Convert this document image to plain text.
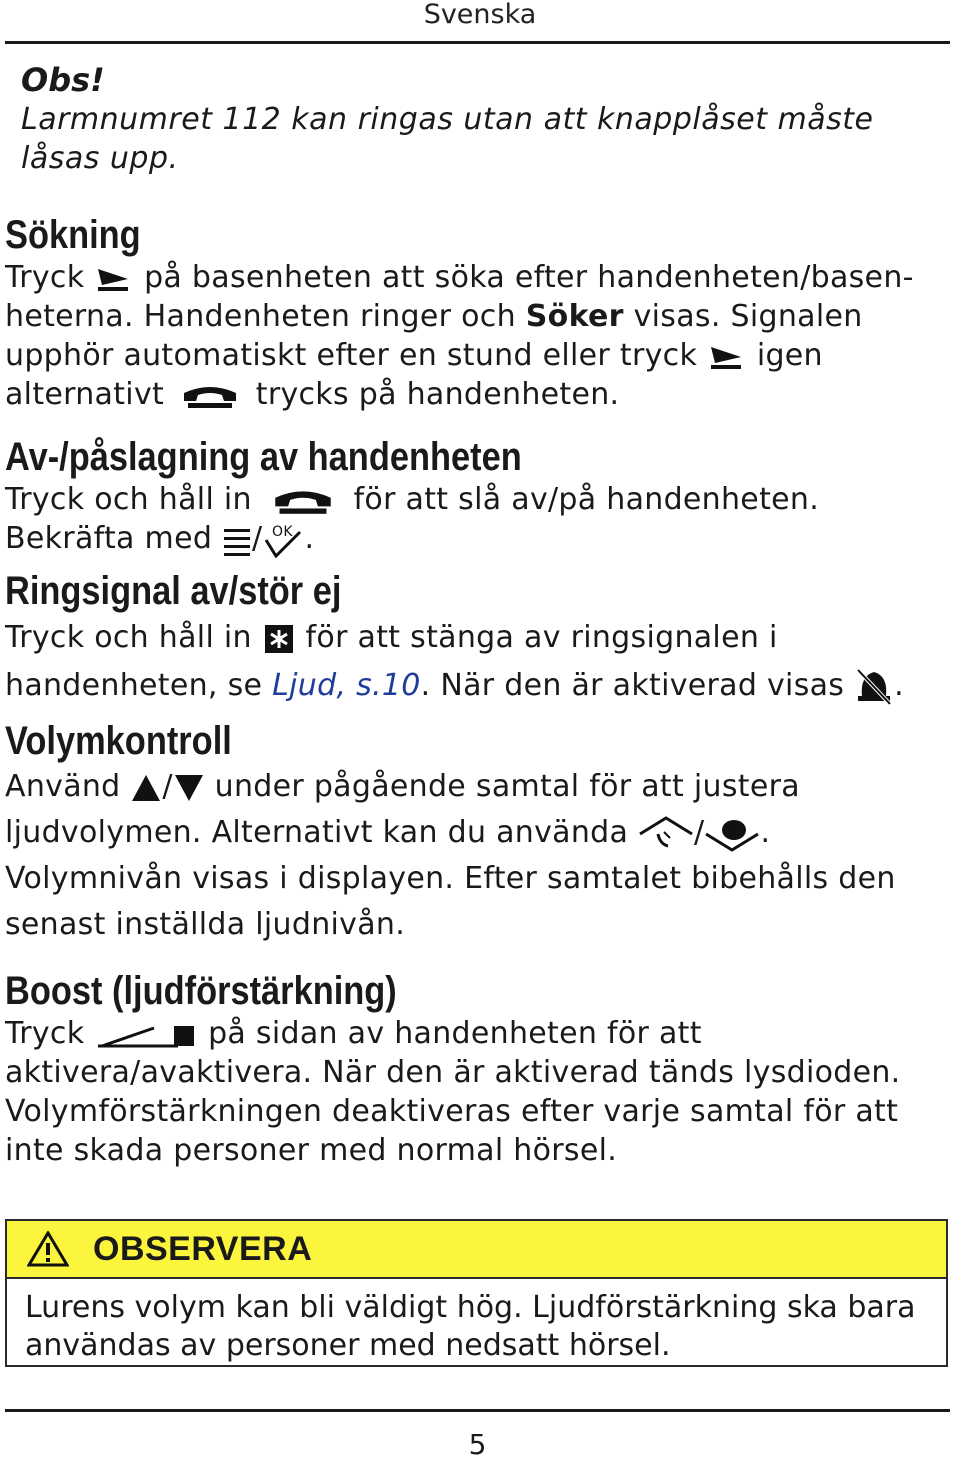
Svenska
Obs!
Larmnumret 112 kan ringas utan att knapplåset måste låsas upp.
Sökning
Tryck på basenheten att söka efter handenheten/basen-heterna. Handenheten ringer och Söker visas. Signalen upphör automatiskt efter en stund eller tryck igen alternativt	trycks på handenheten.
Av-/påslagning av handenheten
Tryck och håll in	för att slå av/på handenheten.
Bekräfta med / OK .
Ringsignal av/stör ej
Tryck och håll in för att stänga av ringsignalen i handenheten, se Ljud, s.10. När den är aktiverad visas .
Volymkontroll
Använd / under pågående samtal för att justera ljudvolymen. Alternativt kan du använda / . Volymnivån visas i displayen. Efter samtalet bibehålls den senast inställda ljudnivån.
Boost (ljudförstärkning)
Tryck	på sidan av handenheten för att aktivera/avaktivera. När den är aktiverad tänds lysdioden. Volymförstärkningen deaktiveras efter varje samtal för att inte skada personer med normal hörsel.
OBSERVERA
Lurens volym kan bli väldigt hög. Ljudförstärkning ska bara användas av personer med nedsatt hörsel.
5
